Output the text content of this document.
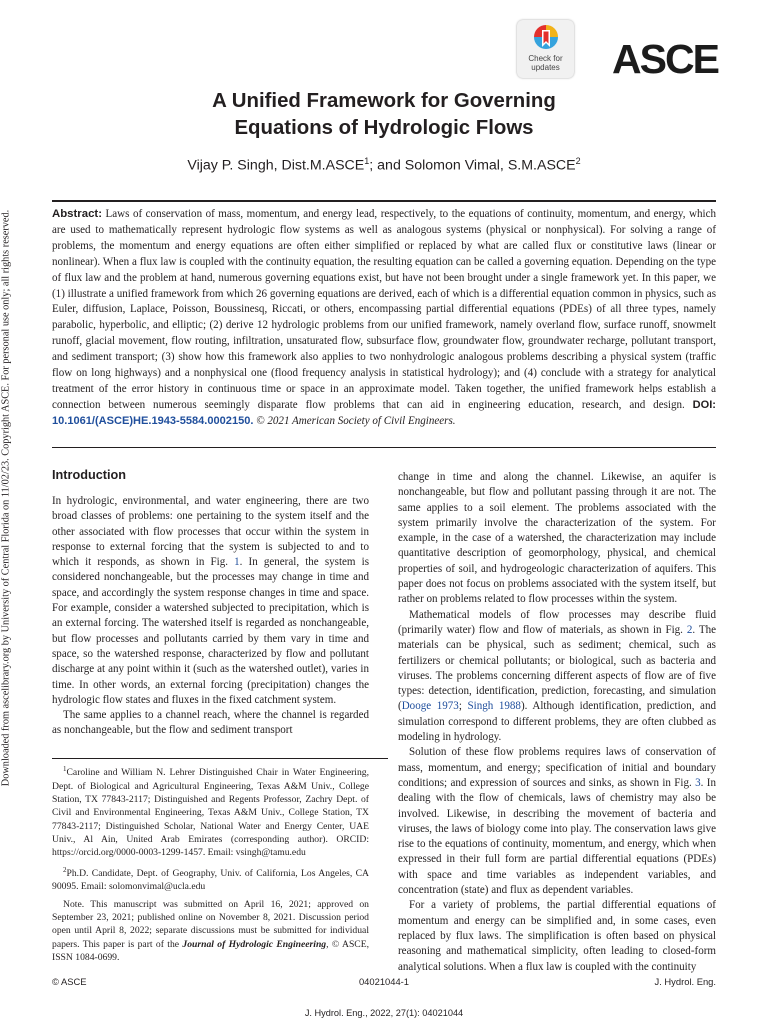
Downloaded from ascelibrary.org by University of Central Florida on 11/02/23. Copyright ASCE. For personal use only; all rights reserved.
Check for
updates	ASCE
A Unified Framework for Governing
Equations of Hydrologic Flows
Vijay P. Singh, Dist.M.ASCE$^1$; and Solomon Vimal, S.M.ASCE$^2$
Abstract: Laws of conservation of mass, momentum, and energy lead, respectively, to the equations of continuity, momentum, and energy, which are used to mathematically represent hydrologic flow systems as well as analogous systems (physical or nonphysical). For solving a range of problems, the momentum and energy equations are often either simplified or replaced by what are called flux or constitutive laws (linear or nonlinear). When a flux law is coupled with the continuity equation, the resulting equation can be called a governing equation. Depending on the type of flux law and the problem at hand, numerous governing equations exist, but have not been brought under a single framework yet. In this paper, we (1) illustrate a unified framework from which 26 governing equations are derived, each of which is a differential equation common in physics, such as Euler, diffusion, Laplace, Poisson, Boussinesq, Riccati, or others, encompassing partial differential equations (PDEs) of all three types, namely parabolic, hyperbolic, and elliptic; (2) derive 12 hydrologic problems from our unified framework, namely overland flow, surface runoff, snowmelt runoff, glacial movement, flow routing, infiltration, unsaturated flow, subsurface flow, groundwater flow, groundwater recharge, pollutant transport, and sediment transport; (3) show how this framework also applies to two nonhydrologic analogous problems describing a physical system (traffic flow on long highways) and a nonphysical one (flood frequency analysis in statistical hydrology); and (4) conclude with a strategy for analytical treatment of the error history in continuous time or space in an approximate model. Taken together, the unified framework helps establish a connection between numerous seemingly disparate flow problems that can aid in engineering education, research, and design. DOI: 10.1061/(ASCE)HE.1943-5584.0002150. © 2021 American Society of Civil Engineers.
Introduction

In hydrologic, environmental, and water engineering, there are two broad classes of problems: one pertaining to the system itself and the other associated with flow processes that occur within the system in response to external forcing that the system is subjected to and to which it responds, as shown in Fig. 1. In general, the system is considered nonchangeable, but the processes may change in time and space, and accordingly the system response changes in time and space. For example, consider a watershed subjected to precipitation, which is an external forcing. The watershed itself is regarded as nonchangeable, but flow processes and pollutants carried by them vary in time and space, so the watershed response, characterized by flow and pollutant discharge at any point within it (such as the watershed outlet), varies in time. In other words, an external forcing (precipitation) changes the hydrologic flow states and fluxes in the fixed catchment system.

The same applies to a channel reach, where the channel is regarded as nonchangeable, but the flow and sediment transport

$^1$Caroline and William N. Lehrer Distinguished Chair in Water Engineering, Dept. of Biological and Agricultural Engineering, Texas A&M Univ., College Station, TX 77843-2117; Distinguished and Regents Professor, Zachry Dept. of Civil and Environmental Engineering, Texas A&M Univ., College Station, TX 77843-2117; Distinguished Scholar, National Water and Energy Center, UAE Univ., Al Ain, United Arab Emirates (corresponding author). ORCID: https://orcid.org/0000-0003-1299-1457. Email: vsingh@tamu.edu

$^2$Ph.D. Candidate, Dept. of Geography, Univ. of California, Los Angeles, CA 90095. Email: solomonvimal@ucla.edu

Note. This manuscript was submitted on April 16, 2021; approved on September 23, 2021; published online on November 8, 2021. Discussion period open until April 8, 2022; separate discussions must be submitted for individual papers. This paper is part of the Journal of Hydrologic Engineering, © ASCE, ISSN 1084-0699.

change in time and along the channel. Likewise, an aquifer is nonchangeable, but flow and pollutant passing through it are not. The same applies to a soil element. The problems associated with the system primarily involve the characterization of the system. For example, in the case of a watershed, the characterization may include quantitative description of geomorphology, physical, and chemical properties of soil, and hydrogeologic characterization of aquifers. This paper does not focus on problems associated with the system itself, but rather on problems related to flow processes within the system.

Mathematical models of flow processes may describe fluid (primarily water) flow and flow of materials, as shown in Fig. 2. The materials can be physical, such as sediment; chemical, such as fertilizers or chemical pollutants; or biological, such as bacteria and viruses. The problems concerning different aspects of flow are of five types: detection, identification, prediction, forecasting, and simulation (Dooge 1973; Singh 1988). Although identification, prediction, and simulation correspond to different problems, they are often clubbed as modeling in hydrology.

Solution of these flow problems requires laws of conservation of mass, momentum, and energy; specification of initial and boundary conditions; and expression of sources and sinks, as shown in Fig. 3. In dealing with the flow of chemicals, laws of chemistry may also be involved. Likewise, in describing the movement of bacteria and viruses, the laws of biology come into play. The conservation laws give rise to the equations of continuity, momentum, and energy, which when expressed in their full form are partial differential equations (PDEs) with space and time variables as independent variables, and concentration (state) and flux as dependent variables.

For a variety of problems, the partial differential equations of momentum and energy can be simplified and, in some cases, even replaced by flux laws. The simplification is often based on physical reasoning and mathematical simplicity, often leading to closed-form analytical solutions. When a flux law is coupled with the continuity

04021044-1
© ASCE	J. Hydrol. Eng.
J. Hydrol. Eng., 2022, 27(1): 04021044
